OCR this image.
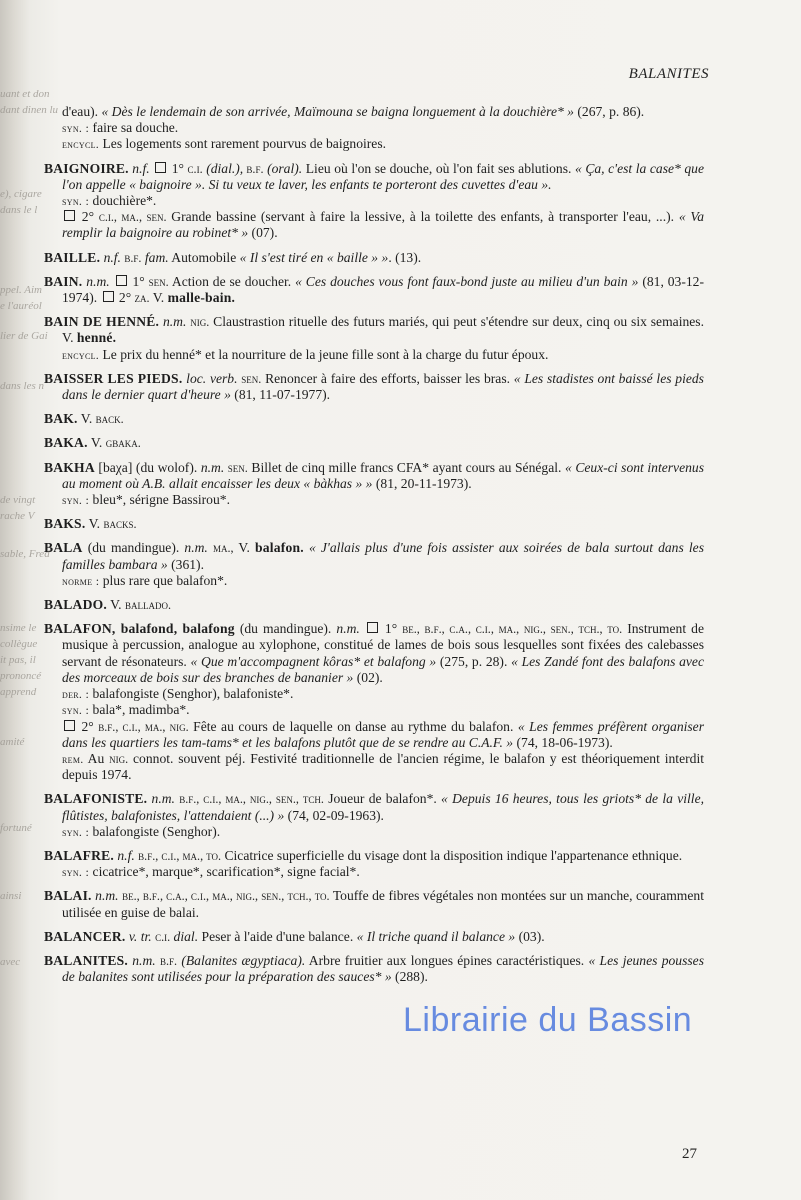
uant et don
dant dinen lu
e), cigare
dans le l
ppel. Aim
e l'auréol
lier de Gai
dans les n
de vingt
rache V
sable, Fred
nsime le
collègue
it pas, il
prononcé
apprend
amité
fortuné
ainsi
avec
BALANITES
d'eau). « Dès le lendemain de son arrivée, Maïmouna se baigna longuement à la douchière* » (267, p. 86).
syn. : faire sa douche.
encycl. Les logements sont rarement pourvus de baignoires.
BAIGNOIRE. n.f.  1° c.i. (dial.), b.f. (oral). Lieu où l'on se douche, où l'on fait ses ablutions. « Ça, c'est la case* que l'on appelle « baignoire ». Si tu veux te laver, les enfants te porteront des cuvettes d'eau ».
syn. : douchière*.
2° c.i., ma., sen. Grande bassine (servant à faire la lessive, à la toilette des enfants, à transporter l'eau, ...). « Va remplir la baignoire au robinet* » (07).
BAILLE. n.f. b.f. fam. Automobile « Il s'est tiré en « baille » ». (13).
BAIN. n.m.  1° sen. Action de se doucher. « Ces douches vous font faux-bond juste au milieu d'un bain » (81, 03-12-1974).  2° za. V. malle-bain.
BAIN DE HENNÉ. n.m. nig. Claustrastion rituelle des futurs mariés, qui peut s'étendre sur deux, cinq ou six semaines. V. henné.
encycl. Le prix du henné* et la nourriture de la jeune fille sont à la charge du futur époux.
BAISSER LES PIEDS. loc. verb. sen. Renoncer à faire des efforts, baisser les bras. « Les stadistes ont baissé les pieds dans le dernier quart d'heure » (81, 11-07-1977).
BAK. V. back.
BAKA. V. gbaka.
BAKHA [baχa] (du wolof). n.m. sen. Billet de cinq mille francs CFA* ayant cours au Sénégal. « Ceux-ci sont intervenus au moment où A.B. allait encaisser les deux « bàkhas » » (81, 20-11-1973).
syn. : bleu*, sérigne Bassirou*.
BAKS. V. backs.
BALA (du mandingue). n.m. ma., V. balafon. « J'allais plus d'une fois assister aux soirées de bala surtout dans les familles bambara » (361).
norme : plus rare que balafon*.
BALADO. V. ballado.
BALAFON, balafond, balafong (du mandingue). n.m.  1° be., b.f., c.a., c.i., ma., nig., sen., tch., to. Instrument de musique à percussion, analogue au xylophone, constitué de lames de bois sous lesquelles sont fixées des calebasses servant de résonateurs. « Que m'accompagnent kôras* et balafong » (275, p. 28). « Les Zandé font des balafons avec des morceaux de bois sur des branches de bananier » (02).
der. : balafongiste (Senghor), balafoniste*.
syn. : bala*, madimba*.
2° b.f., c.i., ma., nig. Fête au cours de laquelle on danse au rythme du balafon. « Les femmes préfèrent organiser dans les quartiers les tam-tams* et les balafons plutôt que de se rendre au C.A.F. » (74, 18-06-1973).
rem. Au nig. connot. souvent péj. Festivité traditionnelle de l'ancien régime, le balafon y est théoriquement interdit depuis 1974.
BALAFONISTE. n.m. b.f., c.i., ma., nig., sen., tch. Joueur de balafon*. « Depuis 16 heures, tous les griots* de la ville, flûtistes, balafonistes, l'attendaient (...) » (74, 02-09-1963).
syn. : balafongiste (Senghor).
BALAFRE. n.f. b.f., c.i., ma., to. Cicatrice superficielle du visage dont la disposition indique l'appartenance ethnique.
syn. : cicatrice*, marque*, scarification*, signe facial*.
BALAI. n.m. be., b.f., c.a., c.i., ma., nig., sen., tch., to. Touffe de fibres végétales non montées sur un manche, couramment utilisée en guise de balai.
BALANCER. v. tr. c.i. dial. Peser à l'aide d'une balance. « Il triche quand il balance » (03).
BALANITES. n.m. b.f. (Balanites ægyptiaca). Arbre fruitier aux longues épines caractéristiques. « Les jeunes pousses de balanites sont utilisées pour la préparation des sauces* » (288).
Librairie du Bassin
27
